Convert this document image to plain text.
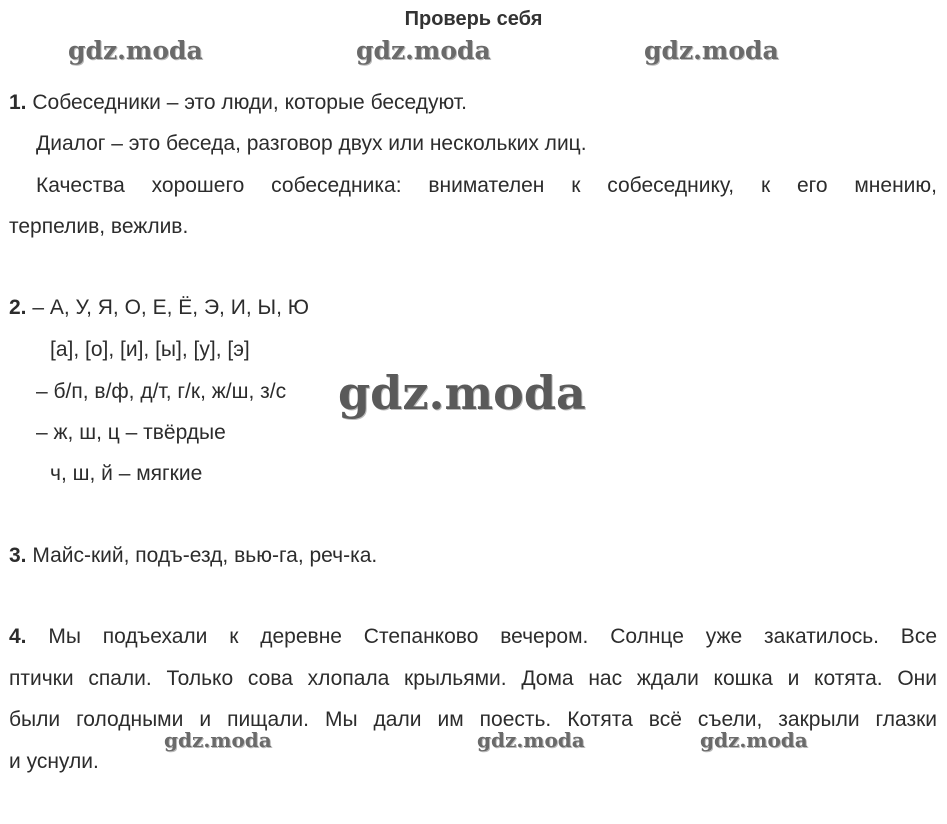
Проверь себя
gdz.moda	gdz.moda	gdz.moda
1. Собеседники – это люди, которые беседуют.
Диалог – это беседа, разговор двух или нескольких лиц.
Качества хорошего собеседника: внимателен к собеседнику, к его мнению,
терпелив, вежлив.
2. – А, У, Я, О, Е, Ё, Э, И, Ы, Ю
[а], [о], [и], [ы], [у], [э]
– б/п, в/ф, д/т, г/к, ж/ш, з/с
– ж, ш, ц – твёрдые
ч, ш, й – мягкие
gdz.moda
3. Майс-кий, подъ-езд, вью-га, реч-ка.
4. Мы подъехали к деревне Степанково вечером. Солнце уже закатилось. Все
птички спали. Только сова хлопала крыльями. Дома нас ждали кошка и котята. Они
были голодными и пищали. Мы дали им поесть. Котята всё съели, закрыли глазки
и уснули.
gdz.moda	gdz.moda	gdz.moda
